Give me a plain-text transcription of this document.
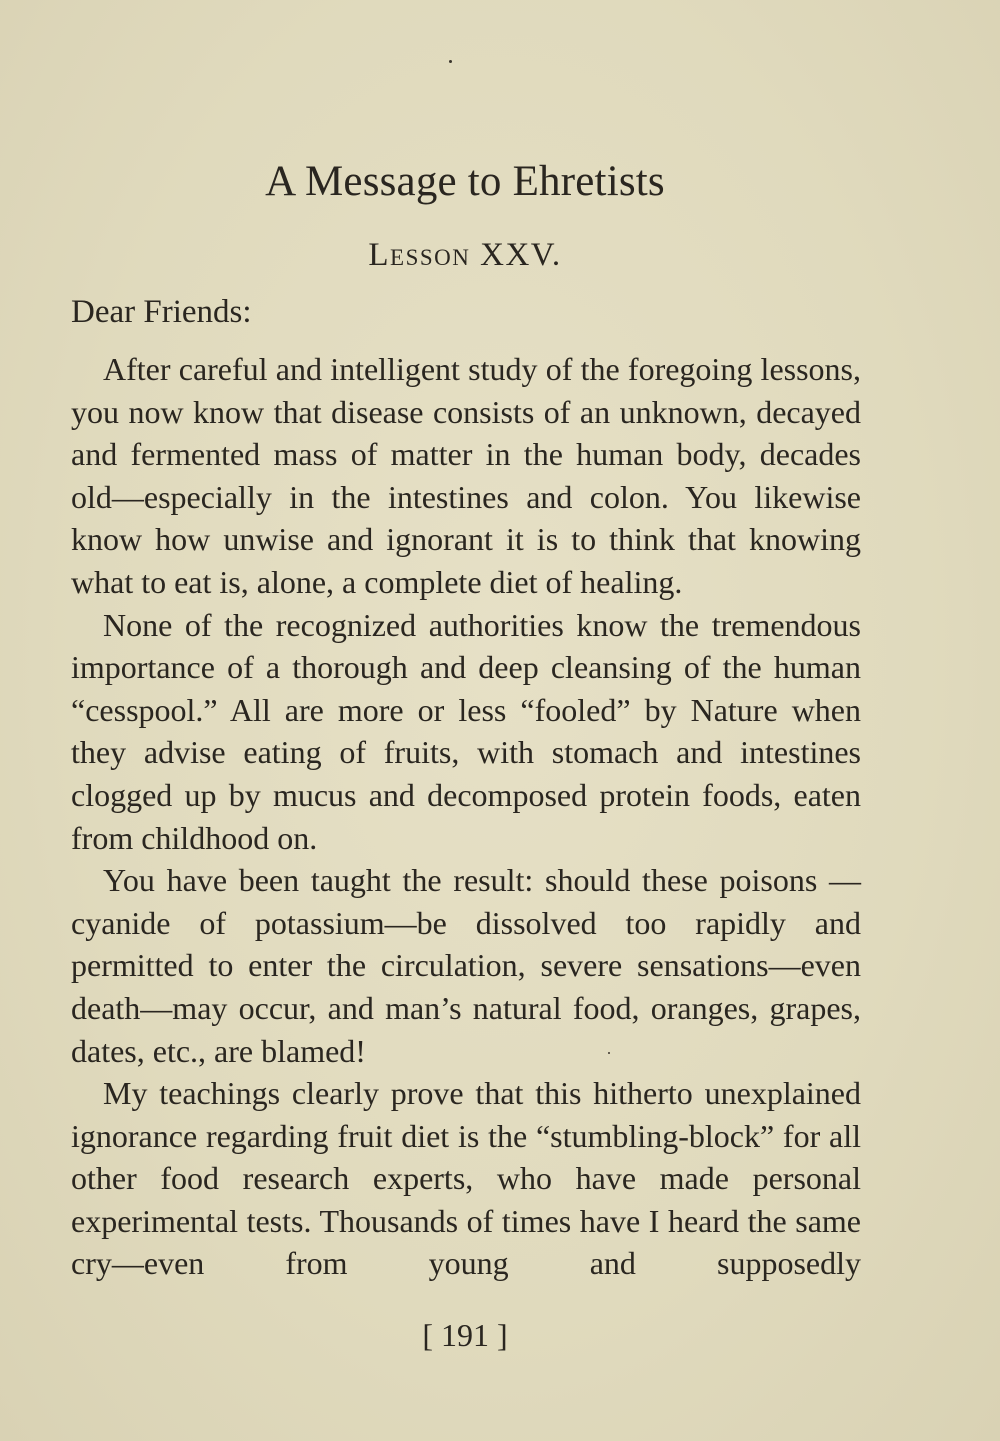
A Message to Ehretists
Lesson XXV.

Dear Friends:

After careful and intelligent study of the foregoing lessons, you now know that disease consists of an unknown, decayed and fermented mass of matter in the human body, decades old—especially in the intestines and colon. You likewise know how unwise and ignorant it is to think that knowing what to eat is, alone, a complete diet of healing.

None of the recognized authorities know the tremendous importance of a thorough and deep cleansing of the human “cesspool.” All are more or less “fooled” by Nature when they advise eating of fruits, with stomach and intestines clogged up by mucus and decomposed protein foods, eaten from childhood on.

You have been taught the result: should these poisons —cyanide of potassium—be dissolved too rapidly and permitted to enter the circulation, severe sensations—even death—may occur, and man’s natural food, oranges, grapes, dates, etc., are blamed!

My teachings clearly prove that this hitherto unexplained ignorance regarding fruit diet is the “stumbling-block” for all other food research experts, who have made personal experimental tests. Thousands of times have I heard the same cry—even from young and supposedly

[ 191 ]
